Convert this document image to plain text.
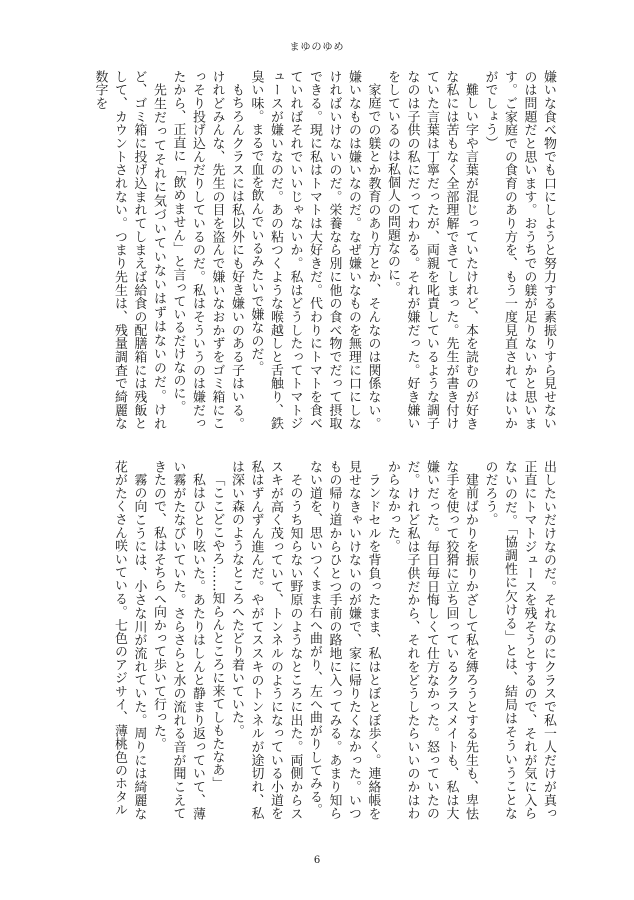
まゆのゆめ

嫌いな食べ物でも口にしようと努力する素振りすら見せないのは問題だと思います。おうちでの躾が足りないかと思います。ご家庭での食育のあり方を、もう一度見直されてはいかがでしょう）

難しい字や言葉が混じっていたけれど、本を読むのが好きな私には苦もなく全部理解できてしまった。先生が書き付けていた言葉は丁寧だったが、両親を叱責しているような調子なのは子供の私にだってわかる。それが嫌だった。好き嫌いをしているのは私個人の問題なのに。

家庭での躾とか教育のあり方とか、そんなのは関係ない。嫌いなものは嫌いなのだ。なぜ嫌いなものを無理に口にしなければいけないのだ。栄養なら別に他の食べ物でだって摂取できる。現に私はトマトは大好きだ。代わりにトマトを食べていればそれでいいじゃないか。私はどうしたってトマトジュースが嫌いなのだ。あの粘つくような喉越しと舌触り、鉄臭い味。まるで血を飲んでいるみたいで嫌なのだ。

もちろんクラスには私以外にも好き嫌いのある子はいる。けれどみんな、先生の目を盗んで嫌いなおかずをゴミ箱にこっそり投げ込んだりしているのだ。私はそういうのは嫌だったから、正直に「飲めません」と言っているだけなのに。

先生だってそれに気づいていないはずはないのだ。けれど、ゴミ箱に投げ込まれてしまえば給食の配膳箱には残飯として、カウントされない。つまり先生は、残量調査で綺麗な数字を

出したいだけなのだ。それなのにクラスで私一人だけが真っ正直にトマトジュースを残そうとするので、それが気に入らないのだ。「協調性に欠ける」とは、結局はそういうことなのだろう。

建前ばかりを振りかざして私を縛ろうとする先生も、卑怯な手を使って狡猾に立ち回っているクラスメイトも、私は大嫌いだった。毎日毎日悔しくて仕方なかった。怒っていたのだ。けれど私は子供だから、それをどうしたらいいのかはわからなかった。

ランドセルを背負ったまま、私はとぼとぼ歩く。連絡帳を見せなきゃいけないのが嫌で、家に帰りたくなかった。いつもの帰り道からひとつ手前の路地に入ってみる。あまり知らない道を、思いつくまま右へ曲がり、左へ曲がりしてみる。

そのうち知らない野原のようなところに出た。両側からススキが高く茂っていて、トンネルのようになっている小道を私はずんずん進んだ。やがてススキのトンネルが途切れ、私は深い森のようなところへたどり着いていた。

「ここどこやろ……知らんところに来てしもたなあ」

私はひとり呟いた。あたりはしんと静まり返っていて、薄い霧がたなびいていた。さらさらと水の流れる音が聞こえてきたので、私はそちらへ向かって歩いて行った。

霧の向こうには、小さな川が流れていた。周りには綺麗な花がたくさん咲いている。七色のアジサイ、薄桃色のホタル

6
